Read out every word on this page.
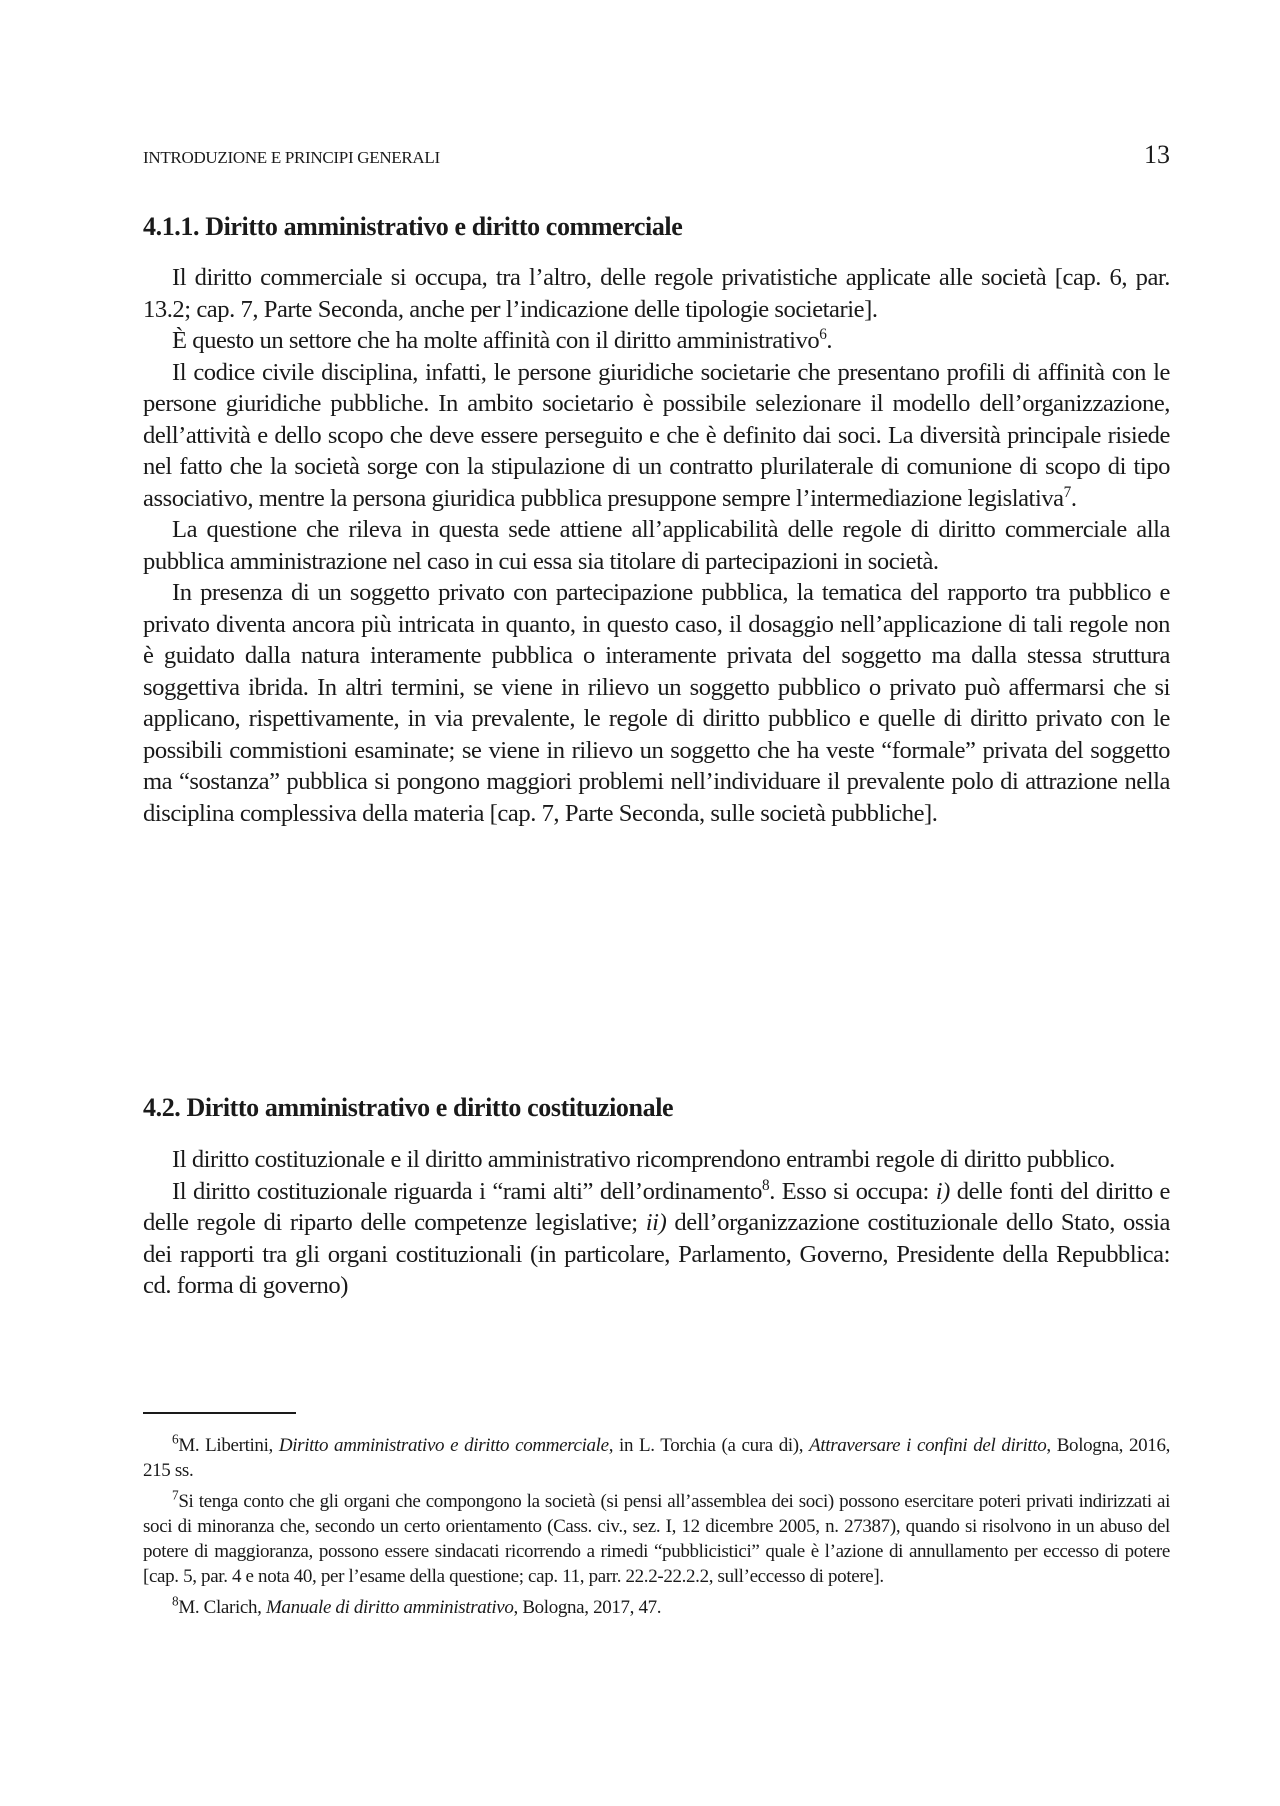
INTRODUZIONE E PRINCIPI GENERALI	13
4.1.1. Diritto amministrativo e diritto commerciale

Il diritto commerciale si occupa, tra l’altro, delle regole privatistiche applicate alle società [cap. 6, par. 13.2; cap. 7, Parte Seconda, anche per l’indicazione delle tipologie societarie].

È questo un settore che ha molte affinità con il diritto amministrativo$^6$.

Il codice civile disciplina, infatti, le persone giuridiche societarie che presentano profili di affinità con le persone giuridiche pubbliche. In ambito societario è possibile selezionare il modello dell’organizzazione, dell’attività e dello scopo che deve essere perseguito e che è definito dai soci. La diversità principale risiede nel fatto che la società sorge con la stipulazione di un contratto plurilaterale di comunione di scopo di tipo associativo, mentre la persona giuridica pubblica presuppone sempre l’intermediazione legislativa$^7$.

La questione che rileva in questa sede attiene all’applicabilità delle regole di diritto commerciale alla pubblica amministrazione nel caso in cui essa sia titolare di partecipazioni in società.

In presenza di un soggetto privato con partecipazione pubblica, la tematica del rapporto tra pubblico e privato diventa ancora più intricata in quanto, in questo caso, il dosaggio nell’applicazione di tali regole non è guidato dalla natura interamente pubblica o interamente privata del soggetto ma dalla stessa struttura soggettiva ibrida. In altri termini, se viene in rilievo un soggetto pubblico o privato può affermarsi che si applicano, rispettivamente, in via prevalente, le regole di diritto pubblico e quelle di diritto privato con le possibili commistioni esaminate; se viene in rilievo un soggetto che ha veste “formale” privata del soggetto ma “sostanza” pubblica si pongono maggiori problemi nell’individuare il prevalente polo di attrazione nella disciplina complessiva della materia [cap. 7, Parte Seconda, sulle società pubbliche].

4.2. Diritto amministrativo e diritto costituzionale

Il diritto costituzionale e il diritto amministrativo ricomprendono entrambi regole di diritto pubblico.

Il diritto costituzionale riguarda i “rami alti” dell’ordinamento$^8$. Esso si occupa: i) delle fonti del diritto e delle regole di riparto delle competenze legislative; ii) dell’organizzazione costituzionale dello Stato, ossia dei rapporti tra gli organi costituzionali (in particolare, Parlamento, Governo, Presidente della Repubblica: cd. forma di governo)

$^6$M. Libertini, Diritto amministrativo e diritto commerciale, in L. Torchia (a cura di), Attraversare i confini del diritto, Bologna, 2016, 215 ss.

$^7$Si tenga conto che gli organi che compongono la società (si pensi all’assemblea dei soci) possono esercitare poteri privati indirizzati ai soci di minoranza che, secondo un certo orientamento (Cass. civ., sez. I, 12 dicembre 2005, n. 27387), quando si risolvono in un abuso del potere di maggioranza, possono essere sindacati ricorrendo a rimedi “pubblicistici” quale è l’azione di annullamento per eccesso di potere [cap. 5, par. 4 e nota 40, per l’esame della questione; cap. 11, parr. 22.2-22.2.2, sull’eccesso di potere].

$^8$M. Clarich, Manuale di diritto amministrativo, Bologna, 2017, 47.
